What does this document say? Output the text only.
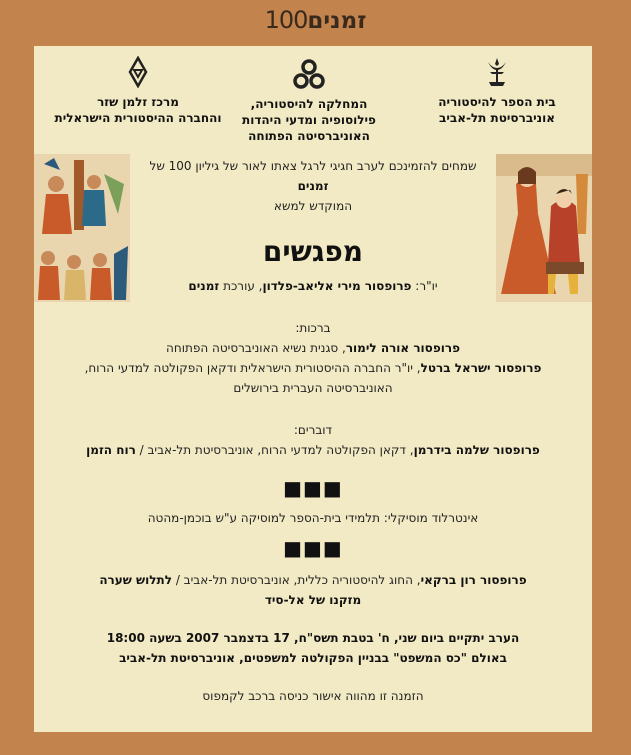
100זמנים
בית הספר להיסטוריה
אוניברסיטת תל-אביב
המחלקה להיסטוריה,
פילוסופיה ומדעי היהדות
האוניברסיטה הפתוחה
מרכז זלמן שזר
והחברה ההיסטורית הישראלית
שמחים להזמינכם לערב חגיגי לרגל צאתו לאור של גיליון 100 של זמנים
המוקדש למשא
מפגשים
יו"ר: פרופסור מירי אליאב-פלדון, עורכת זמנים
ברכות:
פרופסור אורה לימור, סגנית נשיא האוניברסיטה הפתוחה
פרופסור ישראל ברטל, יו"ר החברה ההיסטורית הישראלית ודקאן הפקולטה למדעי הרוח,
האוניברסיטה העברית בירושלים
דוברים:
פרופסור שלמה בידרמן, דקאן הפקולטה למדעי הרוח, אוניברסיטת תל-אביב / רוח הזמן
■■■
אינטרלוד מוסיקלי: תלמידי בית-הספר למוסיקה ע"ש בוכמן-מהטה
■■■
פרופסור רון ברקאי, החוג להיסטוריה כללית, אוניברסיטת תל-אביב / לתלוש שערה
מזקנו של אל-סיד
הערב יתקיים ביום שני, ח' בטבת תשס"ח, 17 בדצמבר 2007 בשעה 18:00
באולם "כס המשפט" בבניין הפקולטה למשפטים, אוניברסיטת תל-אביב
הזמנה זו מהווה אישור כניסה ברכב לקמפוס
